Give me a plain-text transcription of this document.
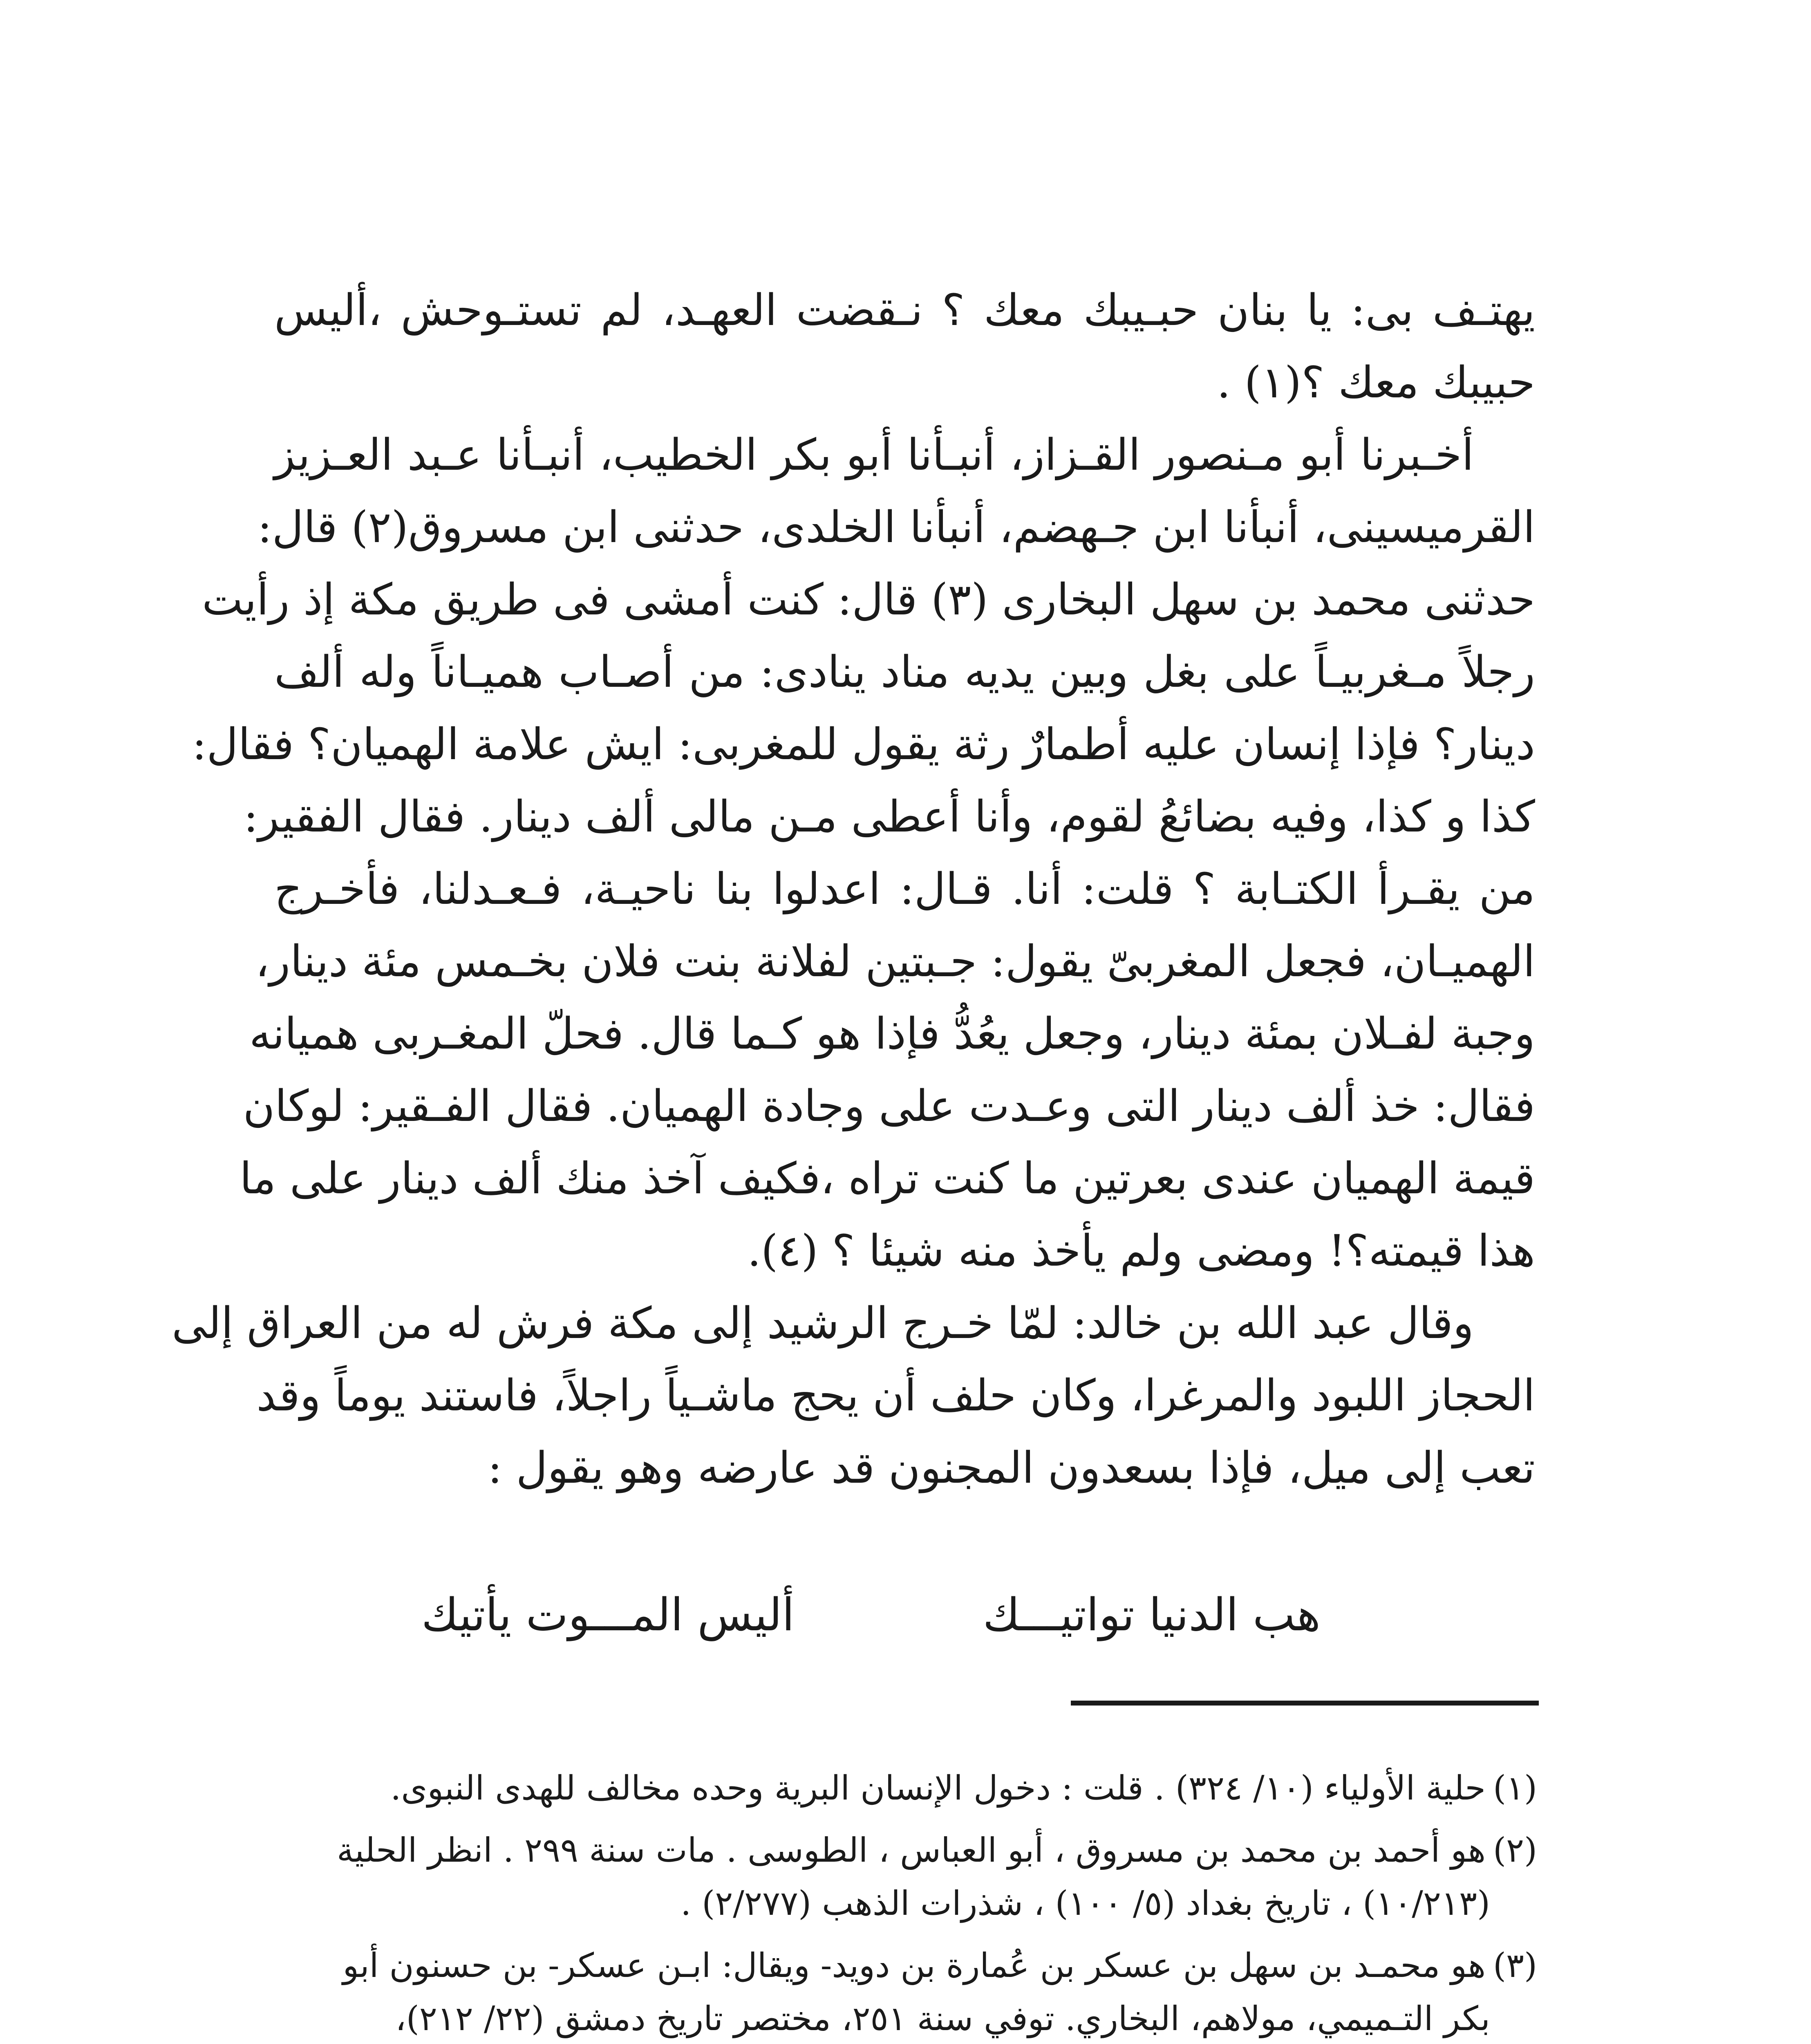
يهتـف بى: يا بنان حبـيبك معك ؟ نـقضت العهـد، لم تستـوحش ،أليس
حبيبك معك ؟(١) .
أخـبرنا أبو مـنصور القـزاز، أنبـأنا أبو بكر الخطيب، أنبـأنا عـبد العـزيز
القرميسينى، أنبأنا ابن جـهضم، أنبأنا الخلدى، حدثنى ابن مسروق(٢) قال:
حدثنى محمد بن سهل البخارى (٣) قال: كنت أمشى فى طريق مكة إذ رأيت
رجلاً مـغربيـاً على بغل وبين يديه مناد ينادى: من أصـاب هميـاناً وله ألف
دينار؟ فإذا إنسان عليه أطمارٌ رثة يقول للمغربى: ايش علامة الهميان؟ فقال:
كذا و كذا، وفيه بضائعُ لقوم، وأنا أعطى مـن مالى ألف دينار. فقال الفقير:
من يقـرأ الكتـابة ؟ قلت: أنا. قـال: اعدلوا بنا ناحيـة، فـعـدلنا، فأخـرج
الهميـان، فجعل المغربىّ يقول: جـبتين لفلانة بنت فلان بخـمس مئة دينار،
وجبة لفـلان بمئة دينار، وجعل يعُدُّ فإذا هو كـما قال. فحلّ المغـربى هميانه
فقال: خذ ألف دينار التى وعـدت على وجادة الهميان. فقال الفـقير: لوكان
قيمة الهميان عندى بعرتين ما كنت تراه ،فكيف آخذ منك ألف دينار على ما
هذا قيمته؟! ومضى ولم يأخذ منه شيئا ؟ (٤).
وقال عبد الله بن خالد: لمّا خـرج الرشيد إلى مكة فرش له من العراق إلى
الحجاز اللبود والمرغرا، وكان حلف أن يحج ماشـياً راجلاً، فاستند يوماً وقد
تعب إلى ميل، فإذا بسعدون المجنون قد عارضه وهو يقول :
هب الدنيا تواتيـــك
أليس المـــوت يأتيك
(١)حلية الأولياء (١٠/ ٣٢٤) . قلت : دخول الإنسان البرية وحده مخالف للهدى النبوى.
(٢)هو أحمد بن محمد بن مسروق ، أبو العباس ، الطوسى . مات سنة ٢٩٩ . انظر الحلية
(١٠/٢١٣) ، تاريخ بغداد (٥/ ١٠٠) ، شذرات الذهب (٢/٢٧٧) .
(٣)هو محمـد بن سهل بن عسكر بن عُمارة بن دويد- ويقال: ابـن عسكر- بن حسنون أبو
بكر التـميمي، مولاهم، البخاري. توفي سنة ٢٥١، مختصر تاريخ دمشق (٢٢/ ٢١٢)،
